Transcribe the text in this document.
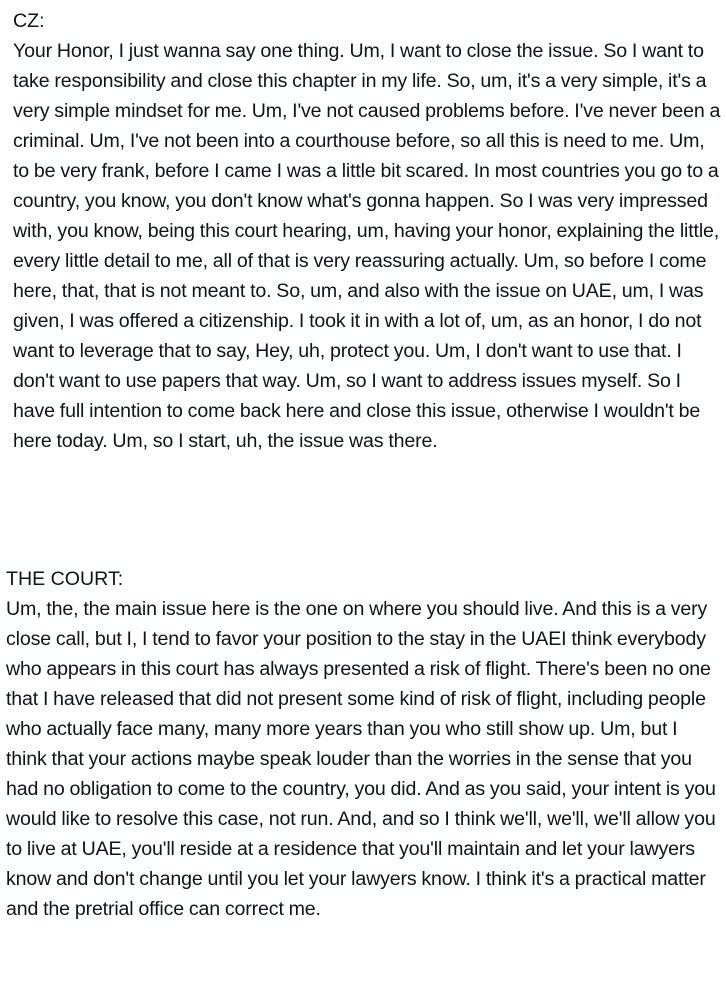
CZ:

Your Honor, I just wanna say one thing. Um, I want to close the issue. So I want to take responsibility and close this chapter in my life. So, um, it's a very simple, it's a very simple mindset for me. Um, I've not caused problems before. I've never been a criminal. Um, I've not been into a courthouse before, so all this is need to me. Um, to be very frank, before I came I was a little bit scared. In most countries you go to a country, you know, you don't know what's gonna happen. So I was very impressed with, you know, being this court hearing, um, having your honor, explaining the little, every little detail to me, all of that is very reassuring actually. Um, so before I come here, that, that is not meant to. So, um, and also with the issue on UAE, um, I was given, I was offered a citizenship. I took it in with a lot of, um, as an honor, I do not want to leverage that to say, Hey, uh, protect you. Um, I don't want to use that. I don't want to use papers that way. Um, so I want to address issues myself. So I have full intention to come back here and close this issue, otherwise I wouldn't be here today. Um, so I start, uh, the issue was there.

THE COURT:

Um, the, the main issue here is the one on where you should live. And this is a very close call, but I, I tend to favor your position to the stay in the UAEI think everybody who appears in this court has always presented a risk of flight. There's been no one that I have released that did not present some kind of risk of flight, including people who actually face many, many more years than you who still show up. Um, but I think that your actions maybe speak louder than the worries in the sense that you had no obligation to come to the country, you did. And as you said, your intent is you would like to resolve this case, not run. And, and so I think we'll, we'll, we'll allow you to live at UAE, you'll reside at a residence that you'll maintain and let your lawyers know and don't change until you let your lawyers know. I think it's a practical matter and the pretrial office can correct me.
